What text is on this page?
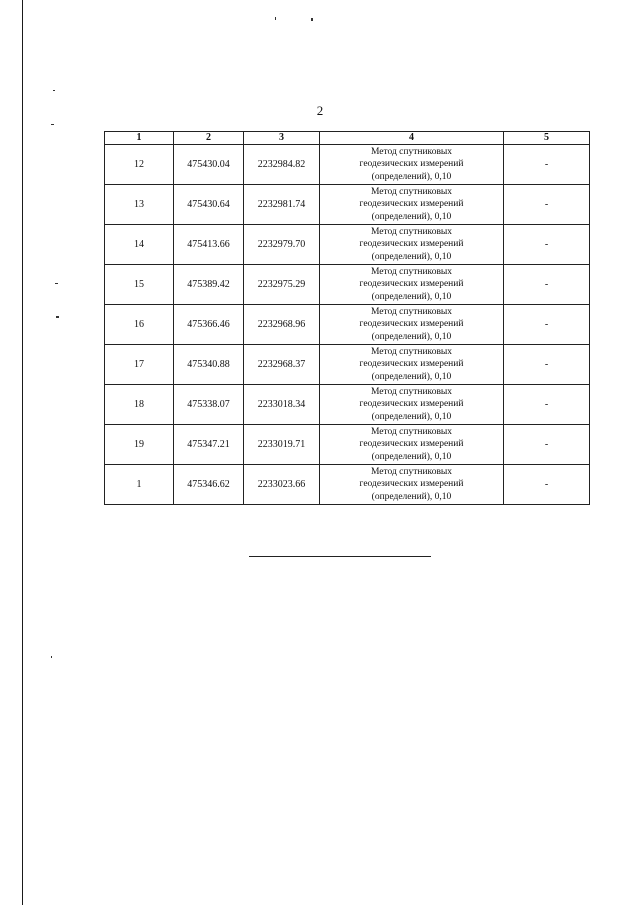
2
1	2	3	4	5
12	475430.04	2232984.82	Метод спутниковых
геодезических измерений
(определений), 0,10	-
13	475430.64	2232981.74	Метод спутниковых
геодезических измерений
(определений), 0,10	-
14	475413.66	2232979.70	Метод спутниковых
геодезических измерений
(определений), 0,10	-
15	475389.42	2232975.29	Метод спутниковых
геодезических измерений
(определений), 0,10	-
16	475366.46	2232968.96	Метод спутниковых
геодезических измерений
(определений), 0,10	-
17	475340.88	2232968.37	Метод спутниковых
геодезических измерений
(определений), 0,10	-
18	475338.07	2233018.34	Метод спутниковых
геодезических измерений
(определений), 0,10	-
19	475347.21	2233019.71	Метод спутниковых
геодезических измерений
(определений), 0,10	-
1	475346.62	2233023.66	Метод спутниковых
геодезических измерений
(определений), 0,10	-
